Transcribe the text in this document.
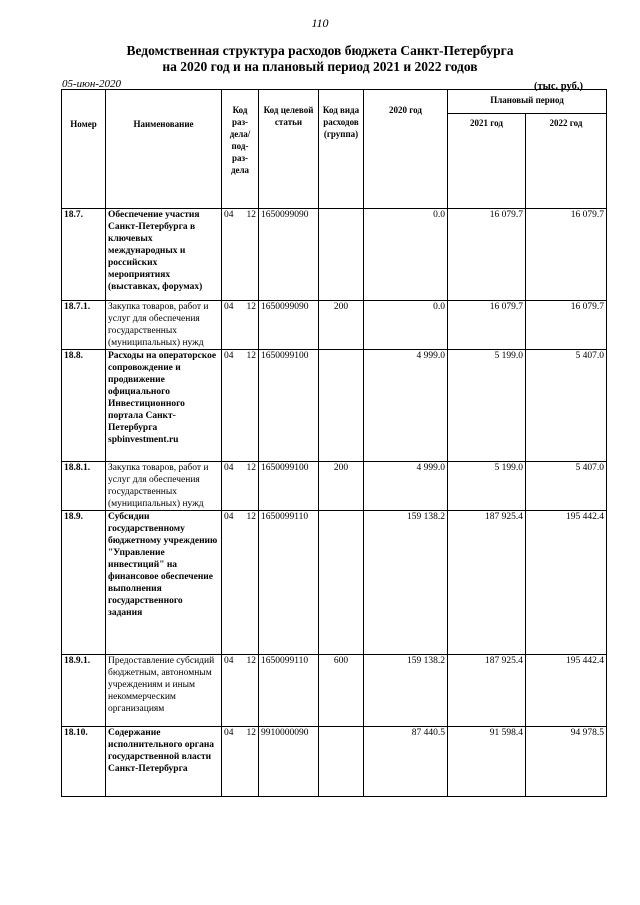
110
Ведомственная структура расходов бюджета Санкт-Петербурга
на 2020 год и на плановый период 2021 и 2022 годов
05-июн-2020	(тыс. руб.)
Номер	Наименование	Код раз-дела/ под-раз-дела	Код целевой статьи	Код вида расходов (группа)	2020 год	Плановый период	
						2021 год	2022 год
18.7.	Обеспечение участия Санкт-Петербурга в ключевых международных и российских мероприятиях (выставках, форумах)	04 12	1650099090		0.0	16 079.7	16 079.7
18.7.1.	Закупка товаров, работ и услуг для обеспечения государственных (муниципальных) нужд	04 12	1650099090	200	0.0	16 079.7	16 079.7
18.8.	Расходы на операторское сопровождение и продвижение официального Инвестиционного портала Санкт-Петербурга spbinvestment.ru	04 12	1650099100		4 999.0	5 199.0	5 407.0
18.8.1.	Закупка товаров, работ и услуг для обеспечения государственных (муниципальных) нужд	04 12	1650099100	200	4 999.0	5 199.0	5 407.0
18.9.	Субсидии государственному бюджетному учреждению "Управление инвестиций" на финансовое обеспечение выполнения государственного задания	04 12	1650099110		159 138.2	187 925.4	195 442.4
18.9.1.	Предоставление субсидий бюджетным, автономным учреждениям и иным некоммерческим организациям	04 12	1650099110	600	159 138.2	187 925.4	195 442.4
18.10.	Содержание исполнительного органа государственной власти Санкт-Петербурга	04 12	9910000090		87 440.5	91 598.4	94 978.5
